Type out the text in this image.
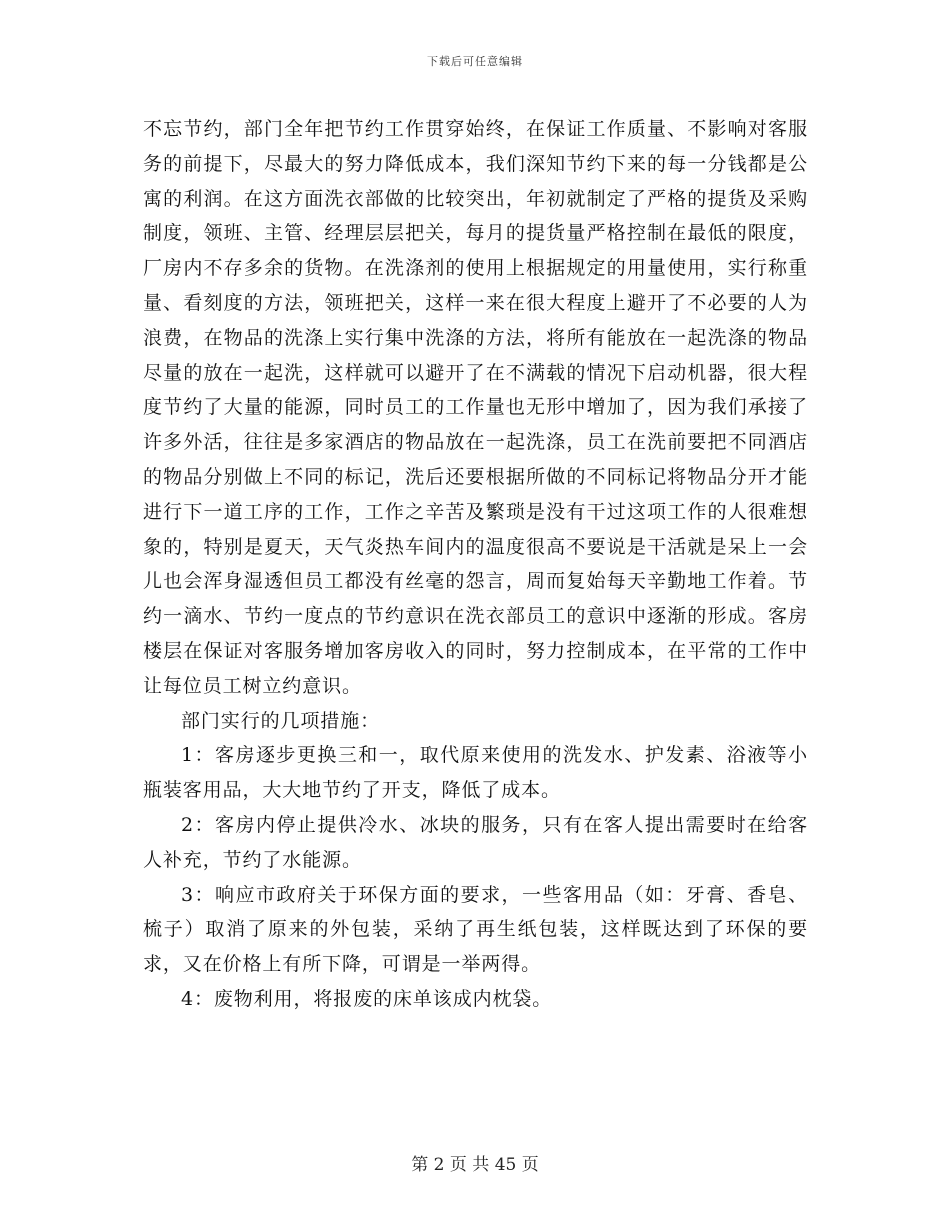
下载后可任意编辑

不忘节约，部门全年把节约工作贯穿始终，在保证工作质量、不影响对客服务的前提下，尽最大的努力降低成本，我们深知节约下来的每一分钱都是公寓的利润。在这方面洗衣部做的比较突出，年初就制定了严格的提货及采购制度，领班、主管、经理层层把关，每月的提货量严格控制在最低的限度，厂房内不存多余的货物。在洗涤剂的使用上根据规定的用量使用，实行称重量、看刻度的方法，领班把关，这样一来在很大程度上避开了不必要的人为浪费，在物品的洗涤上实行集中洗涤的方法，将所有能放在一起洗涤的物品尽量的放在一起洗，这样就可以避开了在不满载的情况下启动机器，很大程度节约了大量的能源，同时员工的工作量也无形中增加了，因为我们承接了许多外活，往往是多家酒店的物品放在一起洗涤，员工在洗前要把不同酒店的物品分别做上不同的标记，洗后还要根据所做的不同标记将物品分开才能进行下一道工序的工作，工作之辛苦及繁琐是没有干过这项工作的人很难想象的，特别是夏天，天气炎热车间内的温度很高不要说是干活就是呆上一会儿也会浑身湿透但员工都没有丝毫的怨言，周而复始每天辛勤地工作着。节约一滴水、节约一度点的节约意识在洗衣部员工的意识中逐渐的形成。客房楼层在保证对客服务增加客房收入的同时，努力控制成本，在平常的工作中让每位员工树立约意识。

部门实行的几项措施：

1：客房逐步更换三和一，取代原来使用的洗发水、护发素、浴液等小瓶装客用品，大大地节约了开支，降低了成本。

2：客房内停止提供冷水、冰块的服务，只有在客人提出需要时在给客人补充，节约了水能源。

3：响应市政府关于环保方面的要求，一些客用品（如：牙膏、香皂、梳子）取消了原来的外包装，采纳了再生纸包装，这样既达到了环保的要求，又在价格上有所下降，可谓是一举两得。

4：废物利用，将报废的床单该成内枕袋。

第 2 页 共 45 页
